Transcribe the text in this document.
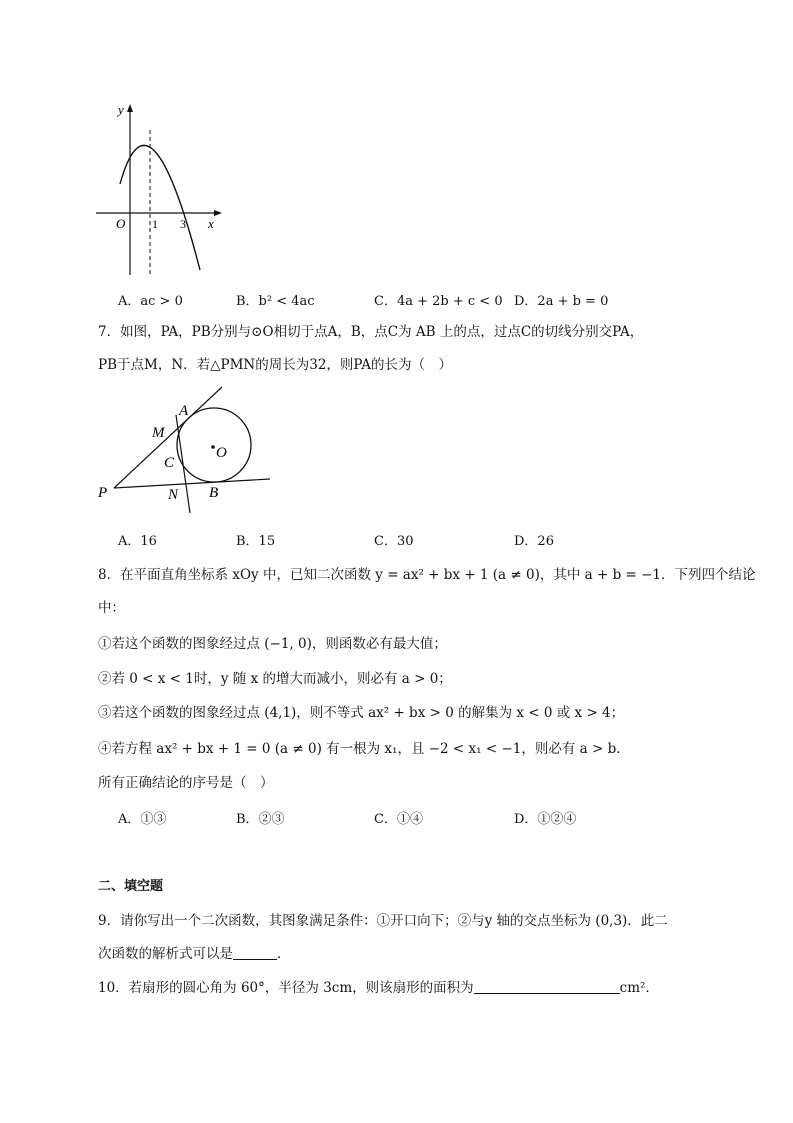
y
x
O 1 3
A．ac > 0	B．b² < 4ac	C．4a + 2b + c < 0 D．2a + b = 0
7．如图，PA，PB分别与⊙O相切于点A，B，点C为 AB 上的点，过点C的切线分别交PA，
PB于点M，N．若△PMN的周长为32，则PA的长为（　）
A
M
C
O
P	N B
A．16	B．15	C．30	D．26
8．在平面直角坐标系 xOy 中，已知二次函数 y = ax² + bx + 1 (a ≠ 0)，其中 a + b = −1．下列四个结论
中：
①若这个函数的图象经过点 (−1, 0)，则函数必有最大值；
②若 0 < x < 1时，y 随 x 的增大而减小，则必有 a > 0；
③若这个函数的图象经过点 (4,1)，则不等式 ax² + bx > 0 的解集为 x < 0 或 x > 4；
④若方程 ax² + bx + 1 = 0 (a ≠ 0) 有一根为 x₁，且 −2 < x₁ < −1，则必有 a > b．
所有正确结论的序号是（　）
A．①③	B．②③	C．①④	D．①②④
二、填空题
9．请你写出一个二次函数，其图象满足条件：①开口向下；②与y 轴的交点坐标为 (0,3)．此二
次函数的解析式可以是	．
10．若扇形的圆心角为 60°，半径为 3cm，则该扇形的面积为	cm²．
